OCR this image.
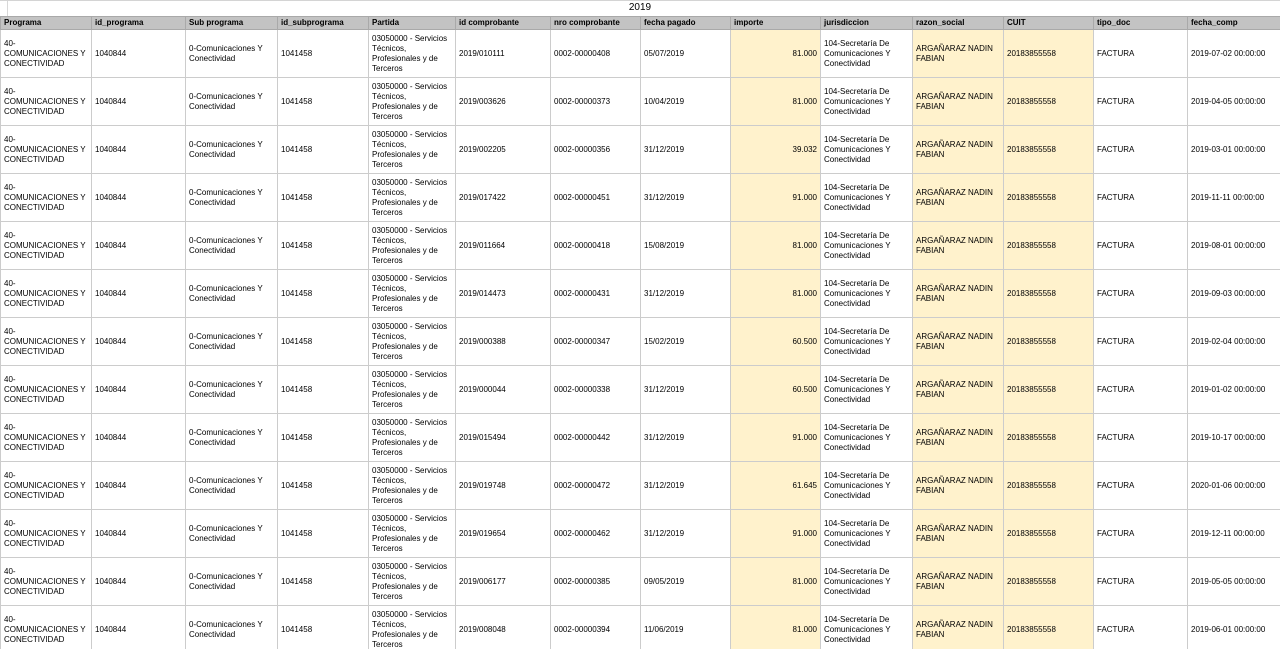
2019
Programa	id_programa	Sub programa	id_subprograma	Partida	id comprobante	nro comprobante	fecha pagado	importe	jurisdiccion	razon_social	CUIT	tipo_doc	fecha_comp
40-COMUNICACIONES Y CONECTIVIDAD	1040844	0-Comunicaciones Y Conectividad	1041458	03050000 - Servicios Técnicos, Profesionales y de Terceros	2019/010111	0002-00000408	05/07/2019	81.000	104-Secretaría De Comunicaciones Y Conectividad	ARGAÑARAZ NADIN FABIAN	20183855558	FACTURA	2019-07-02 00:00:00
40-COMUNICACIONES Y CONECTIVIDAD	1040844	0-Comunicaciones Y Conectividad	1041458	03050000 - Servicios Técnicos, Profesionales y de Terceros	2019/003626	0002-00000373	10/04/2019	81.000	104-Secretaría De Comunicaciones Y Conectividad	ARGAÑARAZ NADIN FABIAN	20183855558	FACTURA	2019-04-05 00:00:00
40-COMUNICACIONES Y CONECTIVIDAD	1040844	0-Comunicaciones Y Conectividad	1041458	03050000 - Servicios Técnicos, Profesionales y de Terceros	2019/002205	0002-00000356	31/12/2019	39.032	104-Secretaría De Comunicaciones Y Conectividad	ARGAÑARAZ NADIN FABIAN	20183855558	FACTURA	2019-03-01 00:00:00
40-COMUNICACIONES Y CONECTIVIDAD	1040844	0-Comunicaciones Y Conectividad	1041458	03050000 - Servicios Técnicos, Profesionales y de Terceros	2019/017422	0002-00000451	31/12/2019	91.000	104-Secretaría De Comunicaciones Y Conectividad	ARGAÑARAZ NADIN FABIAN	20183855558	FACTURA	2019-11-11 00:00:00
40-COMUNICACIONES Y CONECTIVIDAD	1040844	0-Comunicaciones Y Conectividad	1041458	03050000 - Servicios Técnicos, Profesionales y de Terceros	2019/011664	0002-00000418	15/08/2019	81.000	104-Secretaría De Comunicaciones Y Conectividad	ARGAÑARAZ NADIN FABIAN	20183855558	FACTURA	2019-08-01 00:00:00
40-COMUNICACIONES Y CONECTIVIDAD	1040844	0-Comunicaciones Y Conectividad	1041458	03050000 - Servicios Técnicos, Profesionales y de Terceros	2019/014473	0002-00000431	31/12/2019	81.000	104-Secretaría De Comunicaciones Y Conectividad	ARGAÑARAZ NADIN FABIAN	20183855558	FACTURA	2019-09-03 00:00:00
40-COMUNICACIONES Y CONECTIVIDAD	1040844	0-Comunicaciones Y Conectividad	1041458	03050000 - Servicios Técnicos, Profesionales y de Terceros	2019/000388	0002-00000347	15/02/2019	60.500	104-Secretaría De Comunicaciones Y Conectividad	ARGAÑARAZ NADIN FABIAN	20183855558	FACTURA	2019-02-04 00:00:00
40-COMUNICACIONES Y CONECTIVIDAD	1040844	0-Comunicaciones Y Conectividad	1041458	03050000 - Servicios Técnicos, Profesionales y de Terceros	2019/000044	0002-00000338	31/12/2019	60.500	104-Secretaría De Comunicaciones Y Conectividad	ARGAÑARAZ NADIN FABIAN	20183855558	FACTURA	2019-01-02 00:00:00
40-COMUNICACIONES Y CONECTIVIDAD	1040844	0-Comunicaciones Y Conectividad	1041458	03050000 - Servicios Técnicos, Profesionales y de Terceros	2019/015494	0002-00000442	31/12/2019	91.000	104-Secretaría De Comunicaciones Y Conectividad	ARGAÑARAZ NADIN FABIAN	20183855558	FACTURA	2019-10-17 00:00:00
40-COMUNICACIONES Y CONECTIVIDAD	1040844	0-Comunicaciones Y Conectividad	1041458	03050000 - Servicios Técnicos, Profesionales y de Terceros	2019/019748	0002-00000472	31/12/2019	61.645	104-Secretaría De Comunicaciones Y Conectividad	ARGAÑARAZ NADIN FABIAN	20183855558	FACTURA	2020-01-06 00:00:00
40-COMUNICACIONES Y CONECTIVIDAD	1040844	0-Comunicaciones Y Conectividad	1041458	03050000 - Servicios Técnicos, Profesionales y de Terceros	2019/019654	0002-00000462	31/12/2019	91.000	104-Secretaría De Comunicaciones Y Conectividad	ARGAÑARAZ NADIN FABIAN	20183855558	FACTURA	2019-12-11 00:00:00
40-COMUNICACIONES Y CONECTIVIDAD	1040844	0-Comunicaciones Y Conectividad	1041458	03050000 - Servicios Técnicos, Profesionales y de Terceros	2019/006177	0002-00000385	09/05/2019	81.000	104-Secretaría De Comunicaciones Y Conectividad	ARGAÑARAZ NADIN FABIAN	20183855558	FACTURA	2019-05-05 00:00:00
40-COMUNICACIONES Y CONECTIVIDAD	1040844	0-Comunicaciones Y Conectividad	1041458	03050000 - Servicios Técnicos, Profesionales y de Terceros	2019/008048	0002-00000394	11/06/2019	81.000	104-Secretaría De Comunicaciones Y Conectividad	ARGAÑARAZ NADIN FABIAN	20183855558	FACTURA	2019-06-01 00:00:00
